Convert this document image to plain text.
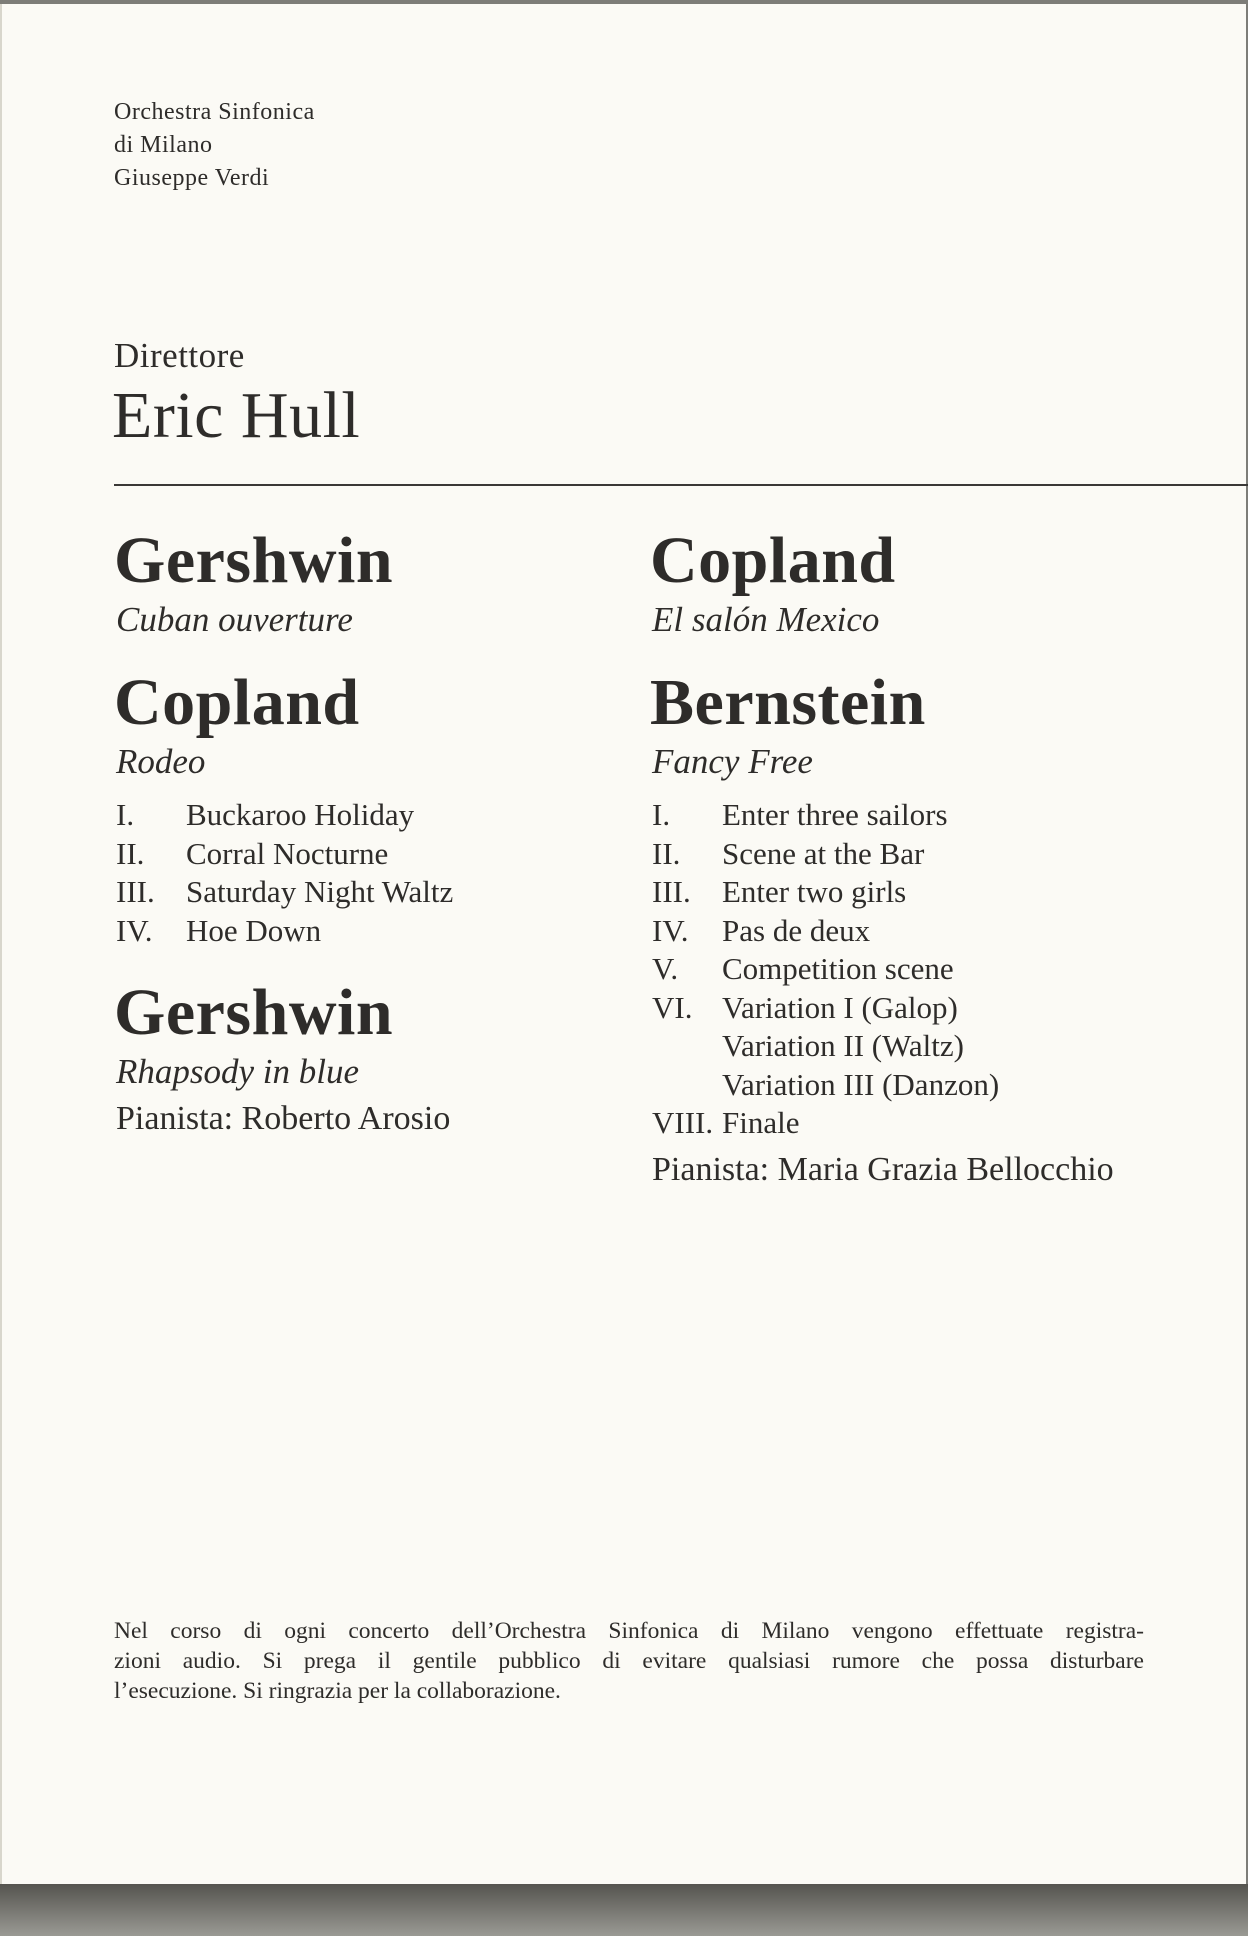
Orchestra Sinfonica
di Milano
Giuseppe Verdi
Direttore
Eric Hull
Gershwin
Cuban ouverture
Copland
Rodeo
I.	Buckaroo Holiday
II.	Corral Nocturne
III.	Saturday Night Waltz
IV.	Hoe Down
Gershwin
Rhapsody in blue
Pianista: Roberto Arosio
Copland
El salón Mexico
Bernstein
Fancy Free
I.	Enter three sailors
II.	Scene at the Bar
III.	Enter two girls
IV.	Pas de deux
V.	Competition scene
VI. Variation I (Galop)
Variation II (Waltz)
Variation III (Danzon)
VIII. Finale
Pianista: Maria Grazia Bellocchio
Nel corso di ogni concerto dell’Orchestra Sinfonica di Milano vengono effettuate registra-
zioni audio. Si prega il gentile pubblico di evitare qualsiasi rumore che possa disturbare
l’esecuzione. Si ringrazia per la collaborazione.
